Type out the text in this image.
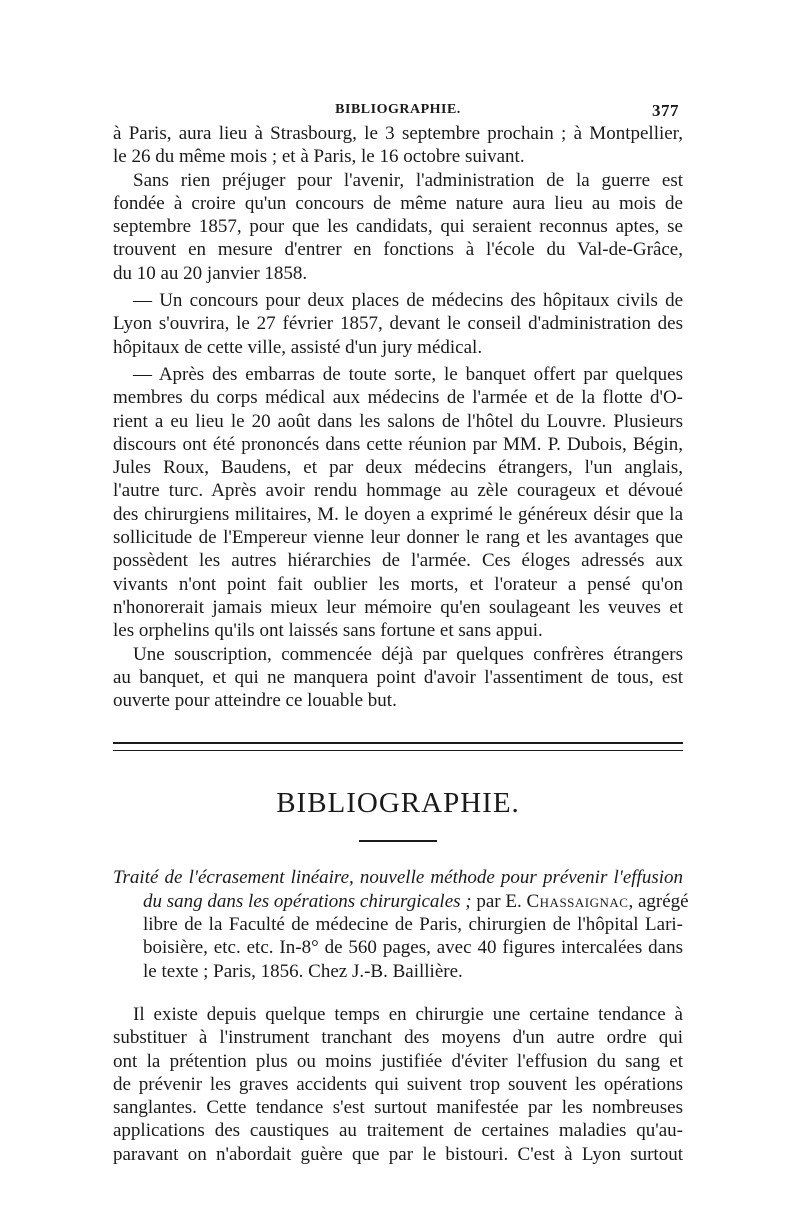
BIBLIOGRAPHIE.	377
à Paris, aura lieu à Strasbourg, le 3 septembre prochain ; à Montpellier,
le 26 du même mois ; et à Paris, le 16 octobre suivant.
Sans rien préjuger pour l'avenir, l'administration de la guerre est
fondée à croire qu'un concours de même nature aura lieu au mois de
septembre 1857, pour que les candidats, qui seraient reconnus aptes, se
trouvent en mesure d'entrer en fonctions à l'école du Val-de-Grâce,
du 10 au 20 janvier 1858.
— Un concours pour deux places de médecins des hôpitaux civils de
Lyon s'ouvrira, le 27 février 1857, devant le conseil d'administration des
hôpitaux de cette ville, assisté d'un jury médical.
— Après des embarras de toute sorte, le banquet offert par quelques
membres du corps médical aux médecins de l'armée et de la flotte d'O-
rient a eu lieu le 20 août dans les salons de l'hôtel du Louvre. Plusieurs
discours ont été prononcés dans cette réunion par MM. P. Dubois, Bégin,
Jules Roux, Baudens, et par deux médecins étrangers, l'un anglais,
l'autre turc. Après avoir rendu hommage au zèle courageux et dévoué
des chirurgiens militaires, M. le doyen a exprimé le généreux désir que la
sollicitude de l'Empereur vienne leur donner le rang et les avantages que
possèdent les autres hiérarchies de l'armée. Ces éloges adressés aux
vivants n'ont point fait oublier les morts, et l'orateur a pensé qu'on
n'honorerait jamais mieux leur mémoire qu'en soulageant les veuves et
les orphelins qu'ils ont laissés sans fortune et sans appui.
Une souscription, commencée déjà par quelques confrères étrangers
au banquet, et qui ne manquera point d'avoir l'assentiment de tous, est
ouverte pour atteindre ce louable but.
BIBLIOGRAPHIE.
Traité de l'écrasement linéaire, nouvelle méthode pour prévenir l'effusion
du sang dans les opérations chirurgicales ; par E. Chassaignac, agrégé
libre de la Faculté de médecine de Paris, chirurgien de l'hôpital Lari-
boisière, etc. etc. In-8° de 560 pages, avec 40 figures intercalées dans
le texte ; Paris, 1856. Chez J.-B. Baillière.
Il existe depuis quelque temps en chirurgie une certaine tendance à
substituer à l'instrument tranchant des moyens d'un autre ordre qui
ont la prétention plus ou moins justifiée d'éviter l'effusion du sang et
de prévenir les graves accidents qui suivent trop souvent les opérations
sanglantes. Cette tendance s'est surtout manifestée par les nombreuses
applications des caustiques au traitement de certaines maladies qu'au-
paravant on n'abordait guère que par le bistouri. C'est à Lyon surtout
